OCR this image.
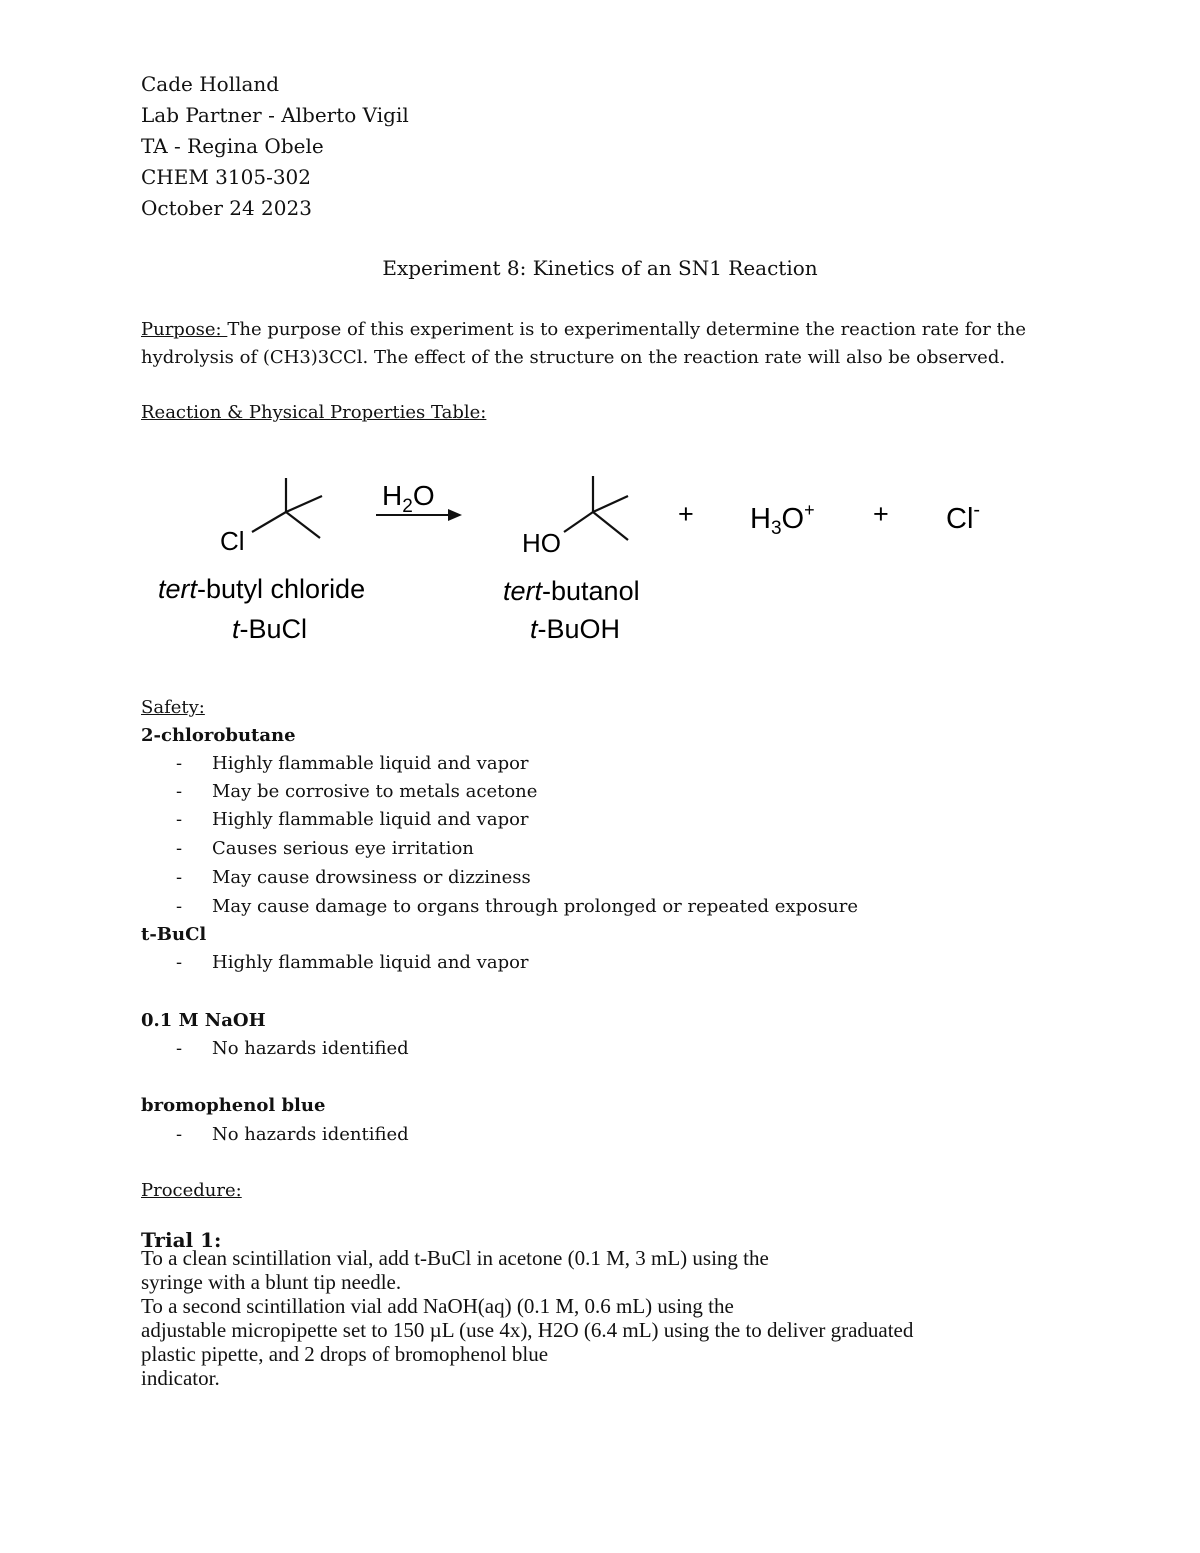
Cade Holland
Lab Partner - Alberto Vigil
TA - Regina Obele
CHEM 3105-302
October 24 2023
Experiment 8: Kinetics of an SN1 Reaction
Purpose: The purpose of this experiment is to experimentally determine the reaction rate for the
hydrolysis of (CH3)3CCl. The effect of the structure on the reaction rate will also be observed.
Reaction & Physical Properties Table:
Cl
tert-butyl chloride
t-BuCl
$H_2O$
HO
tert-butanol
t-BuOH
+ $H_3O^+ + Cl^-$
Safety:
2-chlorobutane
- Highly flammable liquid and vapor
- May be corrosive to metals acetone
- Highly flammable liquid and vapor
- Causes serious eye irritation
- May cause drowsiness or dizziness
- May cause damage to organs through prolonged or repeated exposure
t-BuCl
- Highly flammable liquid and vapor
0.1 M NaOH
- No hazards identified
bromophenol blue
- No hazards identified
Procedure:
Trial 1:
To a clean scintillation vial, add t-BuCl in acetone (0.1 M, 3 mL) using the
syringe with a blunt tip needle.
To a second scintillation vial add NaOH(aq) (0.1 M, 0.6 mL) using the
adjustable micropipette set to 150 µL (use 4x), H2O (6.4 mL) using the to deliver graduated
plastic pipette, and 2 drops of bromophenol blue
indicator.
